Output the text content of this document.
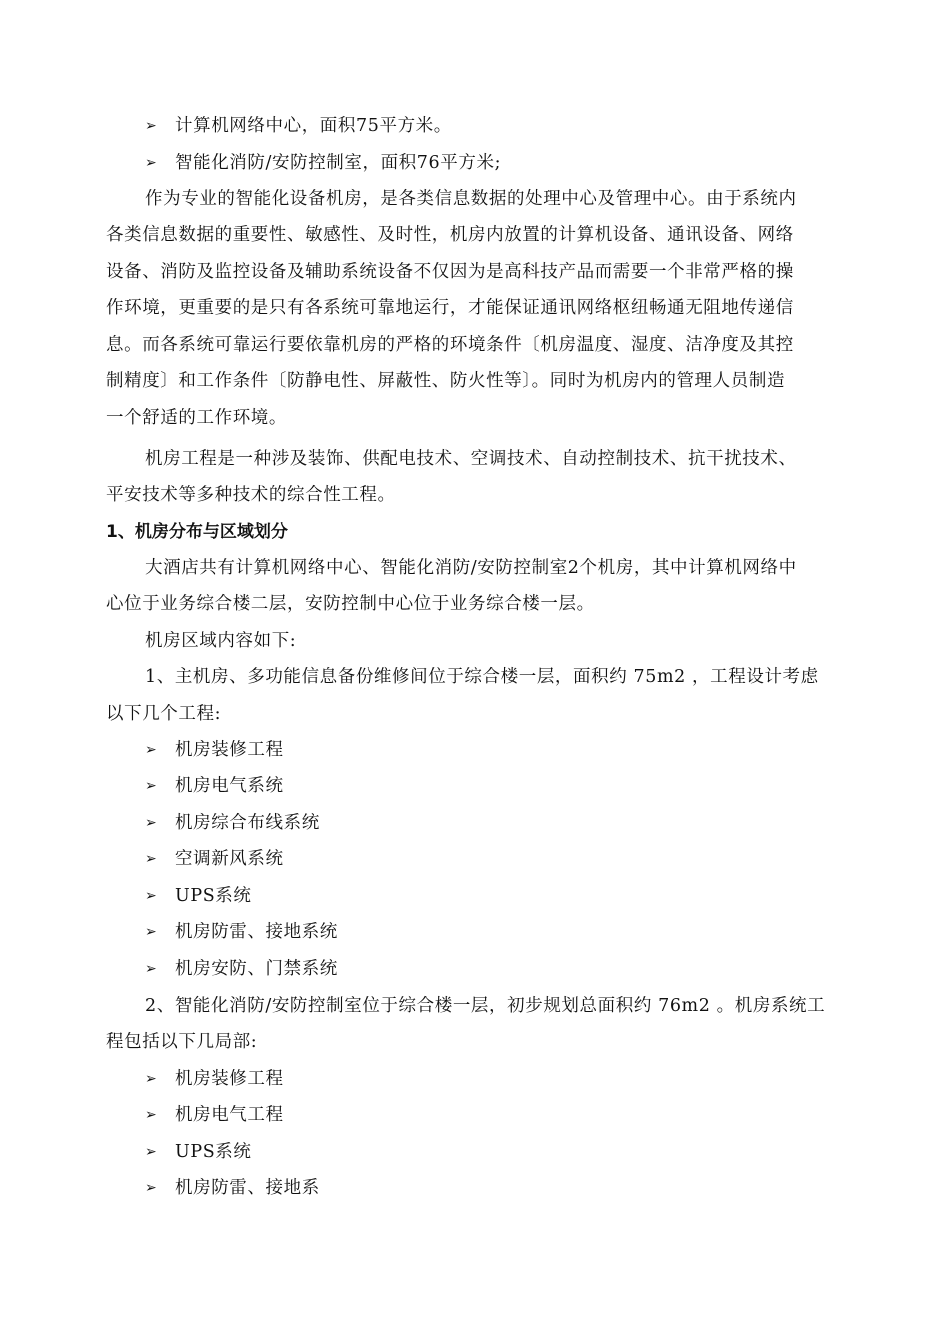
➢ 计算机网络中心，面积75平方米。
➢ 智能化消防/安防控制室，面积76平方米;
作为专业的智能化设备机房，是各类信息数据的处理中心及管理中心。由于系统内
各类信息数据的重要性、敏感性、及时性，机房内放置的计算机设备、通讯设备、网络
设备、消防及监控设备及辅助系统设备不仅因为是高科技产品而需要一个非常严格的操
作环境，更重要的是只有各系统可靠地运行，才能保证通讯网络枢纽畅通无阻地传递信
息。而各系统可靠运行要依靠机房的严格的环境条件〔机房温度、湿度、洁净度及其控
制精度〕和工作条件〔防静电性、屏蔽性、防火性等〕。同时为机房内的管理人员制造
一个舒适的工作环境。
机房工程是一种涉及装饰、供配电技术、空调技术、自动控制技术、抗干扰技术、
平安技术等多种技术的综合性工程。
1、机房分布与区域划分
大酒店共有计算机网络中心、智能化消防/安防控制室2个机房，其中计算机网络中
心位于业务综合楼二层，安防控制中心位于业务综合楼一层。
机房区域内容如下:
1、主机房、多功能信息备份维修间位于综合楼一层，面积约 75m2 ，工程设计考虑
以下几个工程:
➢ 机房装修工程
➢ 机房电气系统
➢ 机房综合布线系统
➢ 空调新风系统
➢ UPS系统
➢ 机房防雷、接地系统
➢ 机房安防、门禁系统
2、智能化消防/安防控制室位于综合楼一层，初步规划总面积约 76m2 。机房系统工
程包括以下几局部:
➢ 机房装修工程
➢ 机房电气工程
➢ UPS系统
➢ 机房防雷、接地系
